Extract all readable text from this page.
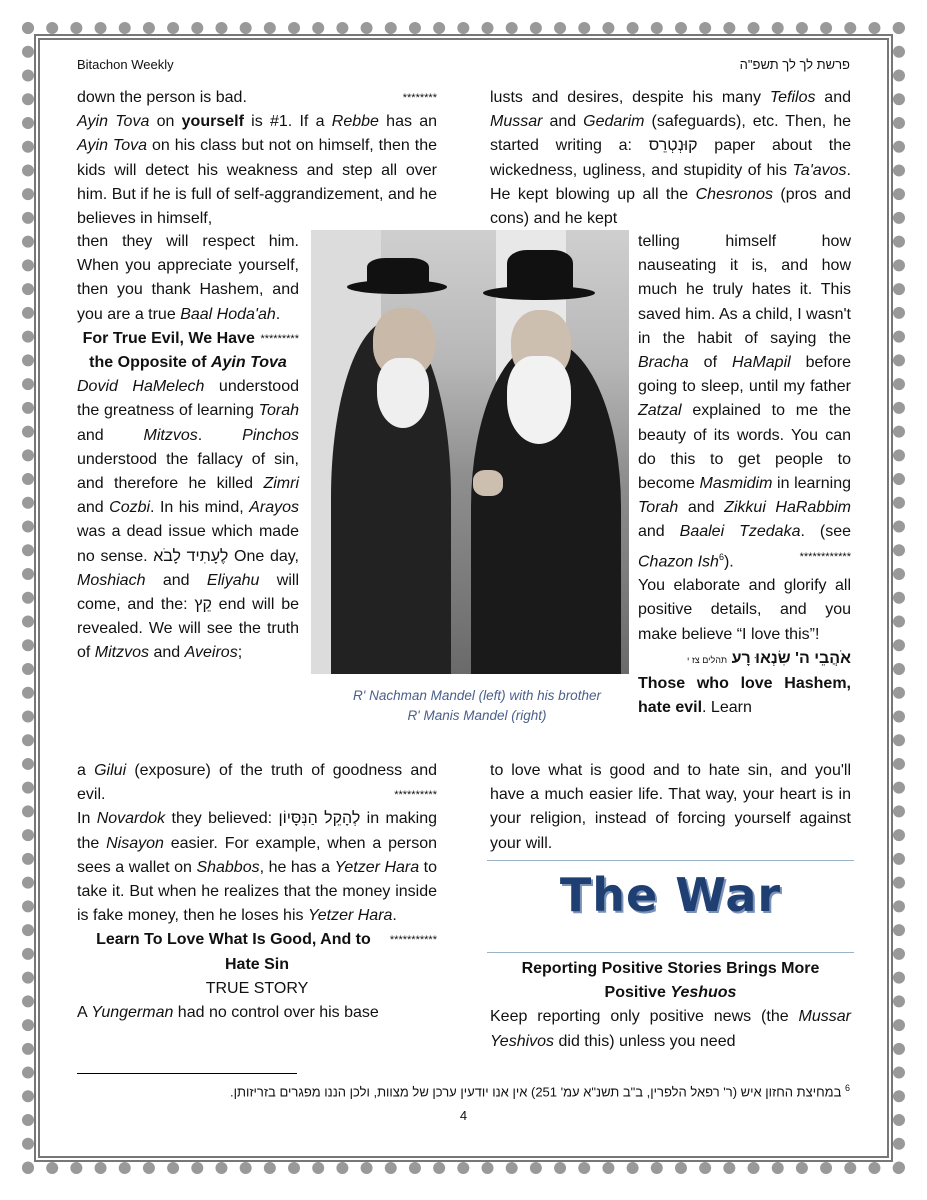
Bitachon Weekly	פרשת לך לך תשפ"ה

down the person is bad.	********

Ayin Tova on yourself is #1. If a Rebbe has an Ayin Tova on his class but not on himself, then the kids will detect his weakness and step all over him. But if he is full of self-aggrandizement, and he believes in himself,

then they will respect him. When you appreciate yourself, then you thank Hashem, and you are a true Baal Hoda'ah.
*********

For True Evil, We Have the Opposite of Ayin Tova

Dovid HaMelech understood the greatness of learning Torah and Mitzvos. Pinchos understood the fallacy of sin, and therefore he killed Zimri and Cozbi. In his mind, Arayos was a dead issue which made no sense. לֶעָתִיד לָבֹא One day, Moshiach and Eliyahu will come, and the: קֵץ end will be revealed. We will see the truth of Mitzvos and Aveiros;

a Gilui (exposure) of the truth of goodness and evil.	**********

In Novardok they believed: לְהָקֵל הַנִּסָּיוֹן in making the Nisayon easier. For example, when a person sees a wallet on Shabbos, he has a Yetzer Hara to take it. But when he realizes that the money inside is fake money, then he loses his Yetzer Hara.
***********

Learn To Love What Is Good, And to Hate Sin

TRUE STORY

A Yungerman had no control over his base

lusts and desires, despite his many Tefilos and Mussar and Gedarim (safeguards), etc. Then, he started writing a: קוּנְטְרֵס paper about the wickedness, ugliness, and stupidity of his Ta'avos. He kept blowing up all the Chesronos (pros and cons) and he kept

telling himself how nauseating it is, and how much he truly hates it. This saved him. As a child, I wasn't in the habit of saying the Bracha of HaMapil before going to sleep, until my father Zatzal explained to me the beauty of its words. You can do this to get people to become Masmidim in learning Torah and Zikkui HaRabbim and Baalei Tzedaka. (see Chazon Ish$^6$).	************

You elaborate and glorify all positive details, and you make believe “I love this”!

אֹהֲבֵי ה' שִׂנְאוּ רָע תהלים צז י

Those who love Hashem, hate evil. Learn

to love what is good and to hate sin, and you'll have a much easier life. That way, your heart is in your religion, instead of forcing yourself against your will.

The War

Reporting Positive Stories Brings More Positive Yeshuos

Keep reporting only positive news (the Mussar Yeshivos did this) unless you need

R' Nachman Mandel (left) with his brother
R' Manis Mandel (right)
$^6$ במחיצת החזון איש (ר' רפאל הלפרין, ב"ב תשנ"א עמ' 251) אין אנו יודעין ערכן של מצוות, ולכן הננו מפגרים בזריזותן.
4
